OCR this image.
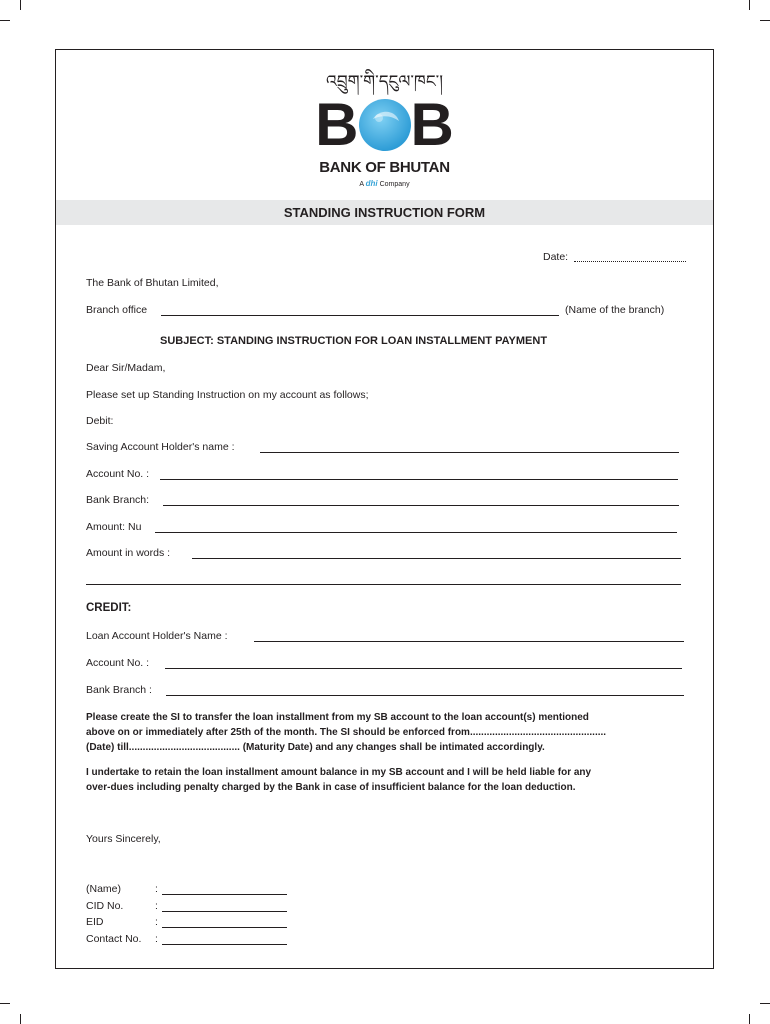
འབྲུག་གི་དངུལ་ཁང་།
B B
BANK OF BHUTAN
A dhi Company
STANDING INSTRUCTION FORM
Date:
The Bank of Bhutan Limited,
Branch office	(Name of the branch)
SUBJECT: STANDING INSTRUCTION FOR LOAN INSTALLMENT PAYMENT
Dear Sir/Madam,
Please set up Standing Instruction on my account as follows;
Debit:
Saving Account Holder's name :
Account No. :
Bank Branch:
Amount: Nu
Amount in words :
CREDIT:
Loan Account Holder's Name :
Account No. :
Bank Branch :
Please create the SI to transfer the loan installment from my SB account to the loan account(s) mentioned
above on or immediately after 25th of the month. The SI should be enforced from.................................................
(Date) till........................................ (Maturity Date) and any changes shall be intimated accordingly.
I undertake to retain the loan installment amount balance in my SB account and I will be held liable for any
over-dues including penalty charged by the Bank in case of insufficient balance for the loan deduction.
Yours Sincerely,
(Name)	:
CID No.	:
EID	:
Contact No. :
